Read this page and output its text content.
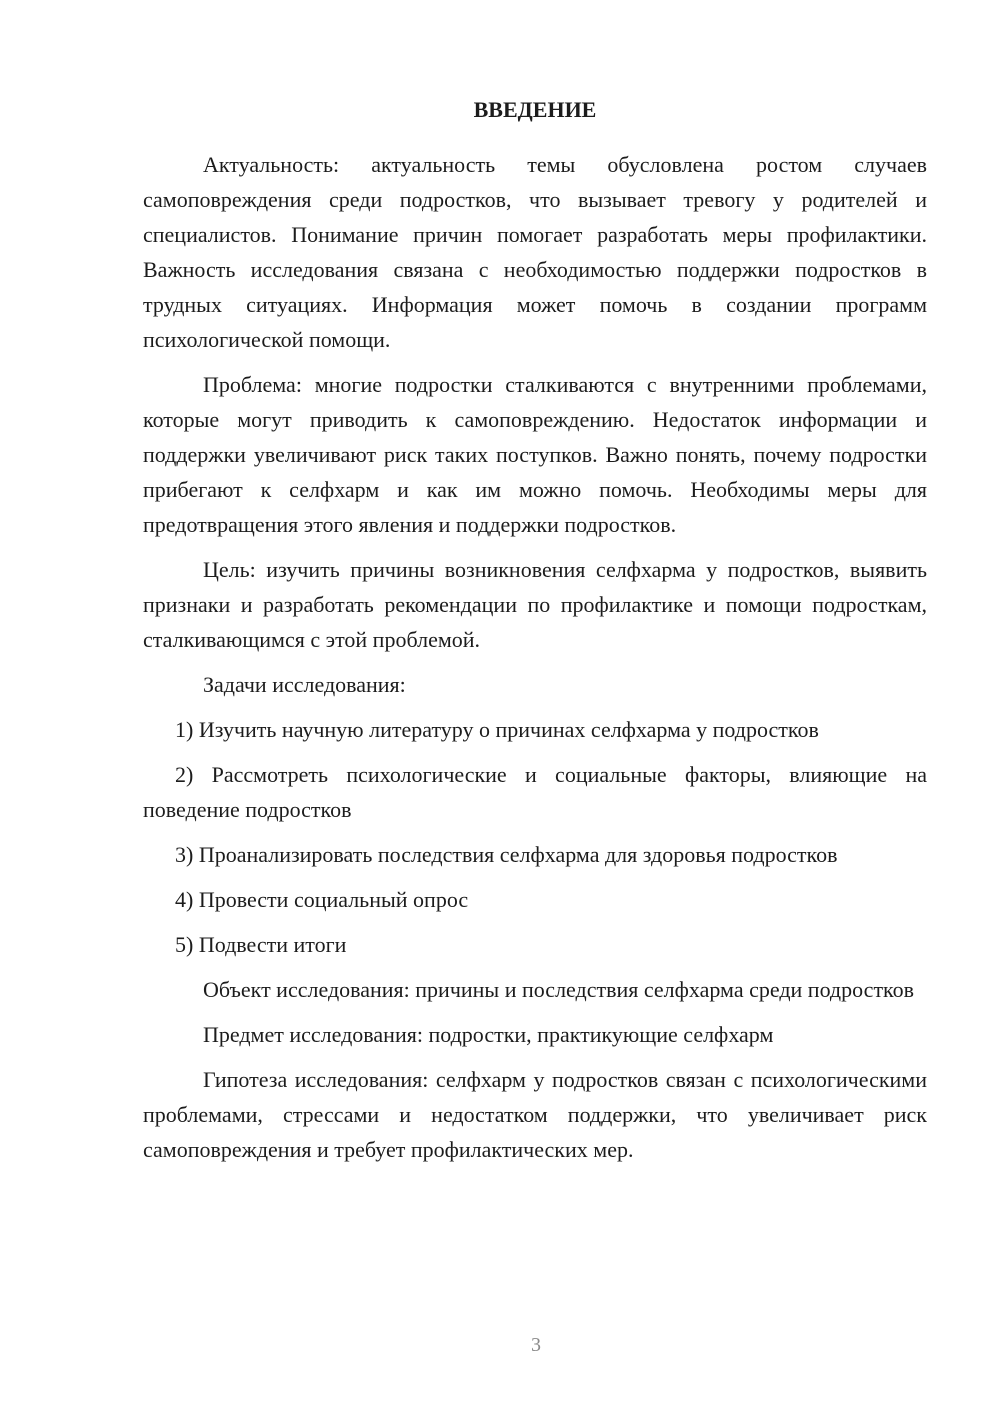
ВВЕДЕНИЕ

Актуальность: актуальность темы обусловлена ростом случаев самоповреждения среди подростков, что вызывает тревогу у родителей и специалистов. Понимание причин помогает разработать меры профилактики. Важность исследования связана с необходимостью поддержки подростков в трудных ситуациях. Информация может помочь в создании программ психологической помощи.

Проблема: многие подростки сталкиваются с внутренними проблемами, которые могут приводить к самоповреждению. Недостаток информации и поддержки увеличивают риск таких поступков. Важно понять, почему подростки прибегают к селфхарм и как им можно помочь. Необходимы меры для предотвращения этого явления и поддержки подростков.

Цель: изучить причины возникновения селфхарма у подростков, выявить признаки и разработать рекомендации по профилактике и помощи подросткам, сталкивающимся с этой проблемой.

Задачи исследования:

1) Изучить научную литературу о причинах селфхарма у подростков

2) Рассмотреть психологические и социальные факторы, влияющие на поведение подростков

3) Проанализировать последствия селфхарма для здоровья подростков

4) Провести социальный опрос

5) Подвести итоги

Объект исследования: причины и последствия селфхарма среди подростков

Предмет исследования: подростки, практикующие селфхарм

Гипотеза исследования: селфхарм у подростков связан с психологическими проблемами, стрессами и недостатком поддержки, что увеличивает риск самоповреждения и требует профилактических мер.

3
